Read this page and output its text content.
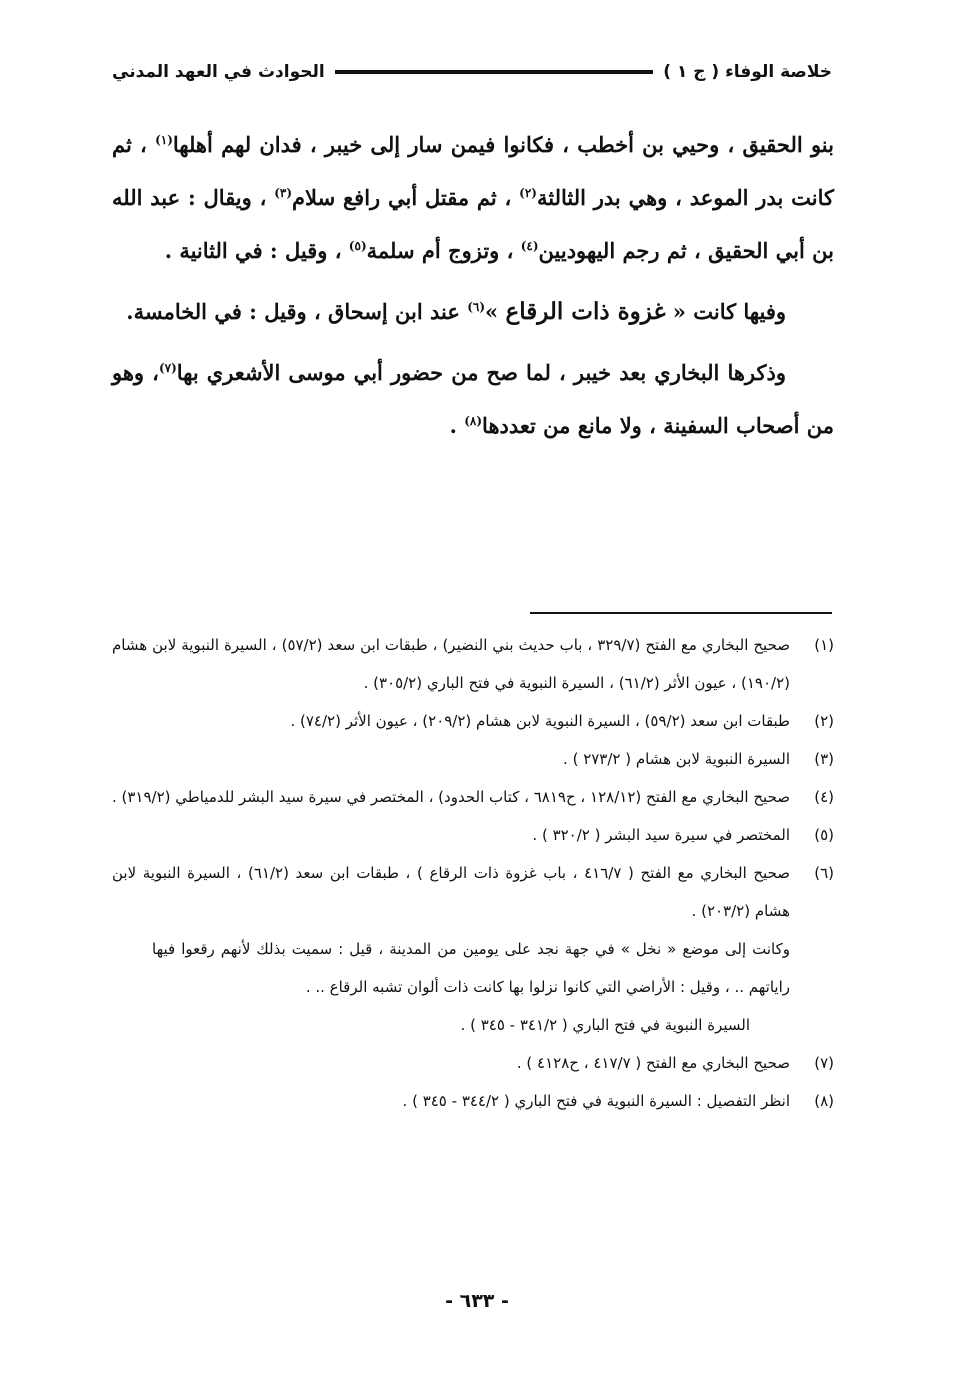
خلاصة الوفاء ( ج ١ )
الحوادث في العهد المدني

بنو الحقيق ، وحيي بن أخطب ، فكانوا فيمن سار إلى خيبر ، فدان لهم أهلها$^{(١)}$ ، ثم كانت بدر الموعد ، وهي بدر الثالثة$^{(٢)}$ ، ثم مقتل أبي رافع سلام$^{(٣)}$ ، ويقال : عبد الله بن أبي الحقيق ، ثم رجم اليهوديين$^{(٤)}$ ، وتزوج أم سلمة$^{(٥)}$ ، وقيل : في الثانية .

وفيها كانت « غزوة ذات الرقاع »$^{(٦)}$ عند ابن إسحاق ، وقيل : في الخامسة.

وذكرها البخاري بعد خيبر ، لما صح من حضور أبي موسى الأشعري بها$^{(٧)}$، وهو من أصحاب السفينة ، ولا مانع من تعددها$^{(٨)}$ .

(١)
صحيح البخاري مع الفتح (٣٢٩/٧ ، باب حديث بني النضير) ، طبقات ابن سعد (٥٧/٢) ، السيرة النبوية لابن هشام (١٩٠/٢) ، عيون الأثر (٦١/٢) ، السيرة النبوية في فتح الباري (٣٠٥/٢) .

(٢)
طبقات ابن سعد (٥٩/٢) ، السيرة النبوية لابن هشام (٢٠٩/٢) ، عيون الأثر (٧٤/٢) .

(٣)
السيرة النبوية لابن هشام ( ٢٧٣/٢ ) .

(٤)
صحيح البخاري مع الفتح (١٢٨/١٢ ، ح٦٨١٩ ، كتاب الحدود) ، المختصر في سيرة سيد البشر للدمياطي (٣١٩/٢) .

(٥)
المختصر في سيرة سيد البشر ( ٣٢٠/٢ ) .

(٦)
صحيح البخاري مع الفتح ( ٤١٦/٧ ، باب غزوة ذات الرقاع ) ، طبقات ابن سعد (٦١/٢) ، السيرة النبوية لابن هشام (٢٠٣/٢) .

وكانت إلى موضع « نخل » في جهة نجد على يومين من المدينة ، قيل : سميت بذلك لأنهم رقعوا فيها راياتهم .. ، وقيل : الأراضي التي كانوا نزلوا بها كانت ذات ألوان تشبه الرقاع .. .
السيرة النبوية في فتح الباري ( ٣٤١/٢ - ٣٤٥ ) .

(٧)
صحيح البخاري مع الفتح ( ٤١٧/٧ ، ح٤١٢٨ ) .

(٨)
انظر التفصيل : السيرة النبوية في فتح الباري ( ٣٤٤/٢ - ٣٤٥ ) .

- ٦٣٣ -
